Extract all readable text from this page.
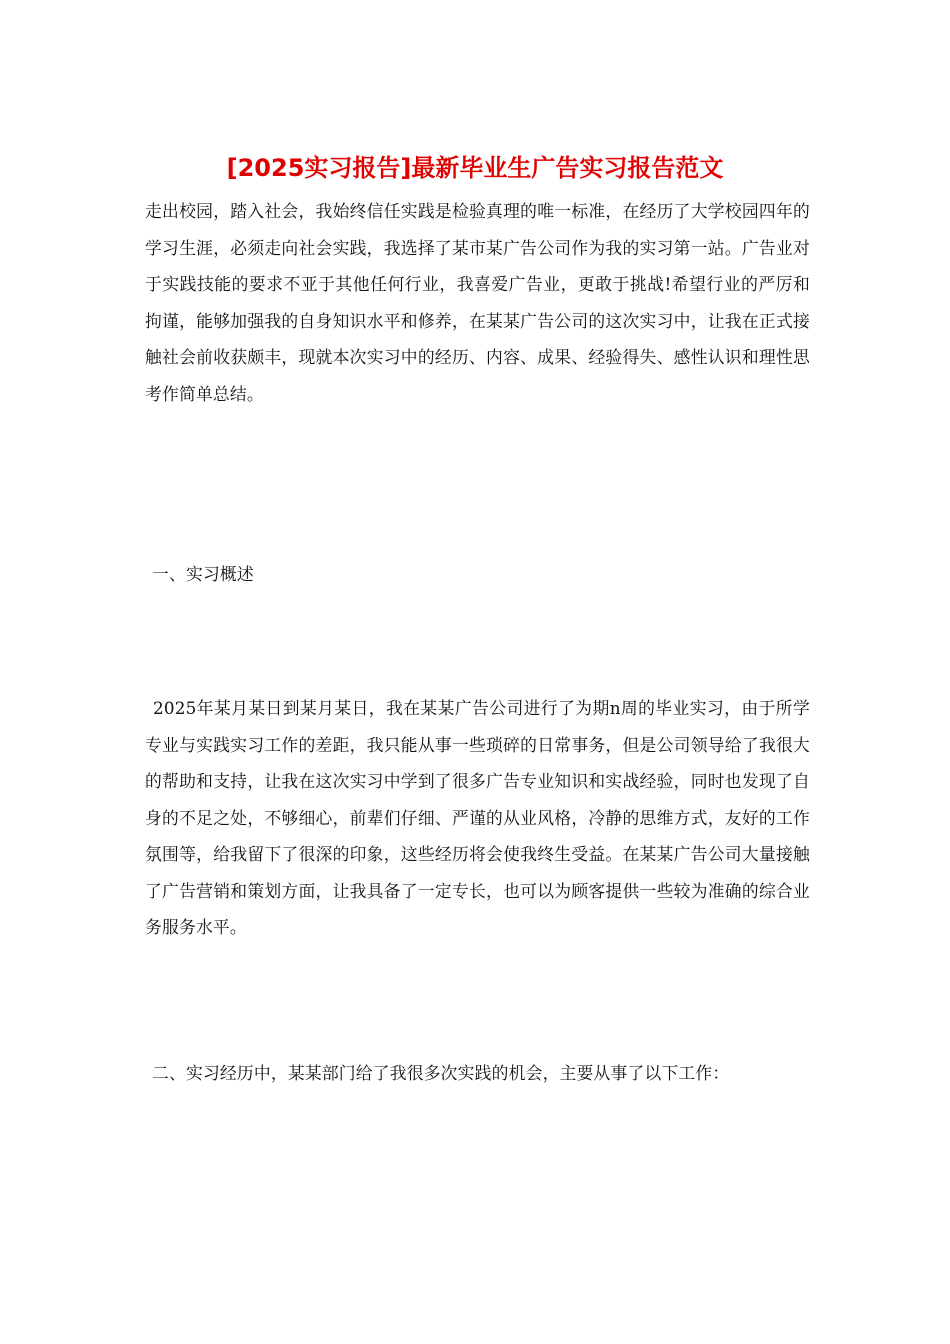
[2025实习报告]最新毕业生广告实习报告范文

走出校园，踏入社会，我始终信任实践是检验真理的唯一标准，在经历了大学校园四年的学习生涯，必须走向社会实践，我选择了某市某广告公司作为我的实习第一站。广告业对于实践技能的要求不亚于其他任何行业，我喜爱广告业，更敢于挑战!希望行业的严厉和拘谨，能够加强我的自身知识水平和修养，在某某广告公司的这次实习中，让我在正式接触社会前收获颇丰，现就本次实习中的经历、内容、成果、经验得失、感性认识和理性思考作简单总结。

一、实习概述

2025年某月某日到某月某日，我在某某广告公司进行了为期n周的毕业实习，由于所学专业与实践实习工作的差距，我只能从事一些琐碎的日常事务，但是公司领导给了我很大的帮助和支持，让我在这次实习中学到了很多广告专业知识和实战经验，同时也发现了自身的不足之处，不够细心，前辈们仔细、严谨的从业风格，冷静的思维方式，友好的工作氛围等，给我留下了很深的印象，这些经历将会使我终生受益。在某某广告公司大量接触了广告营销和策划方面，让我具备了一定专长，也可以为顾客提供一些较为准确的综合业务服务水平。

二、实习经历中，某某部门给了我很多次实践的机会，主要从事了以下工作：
